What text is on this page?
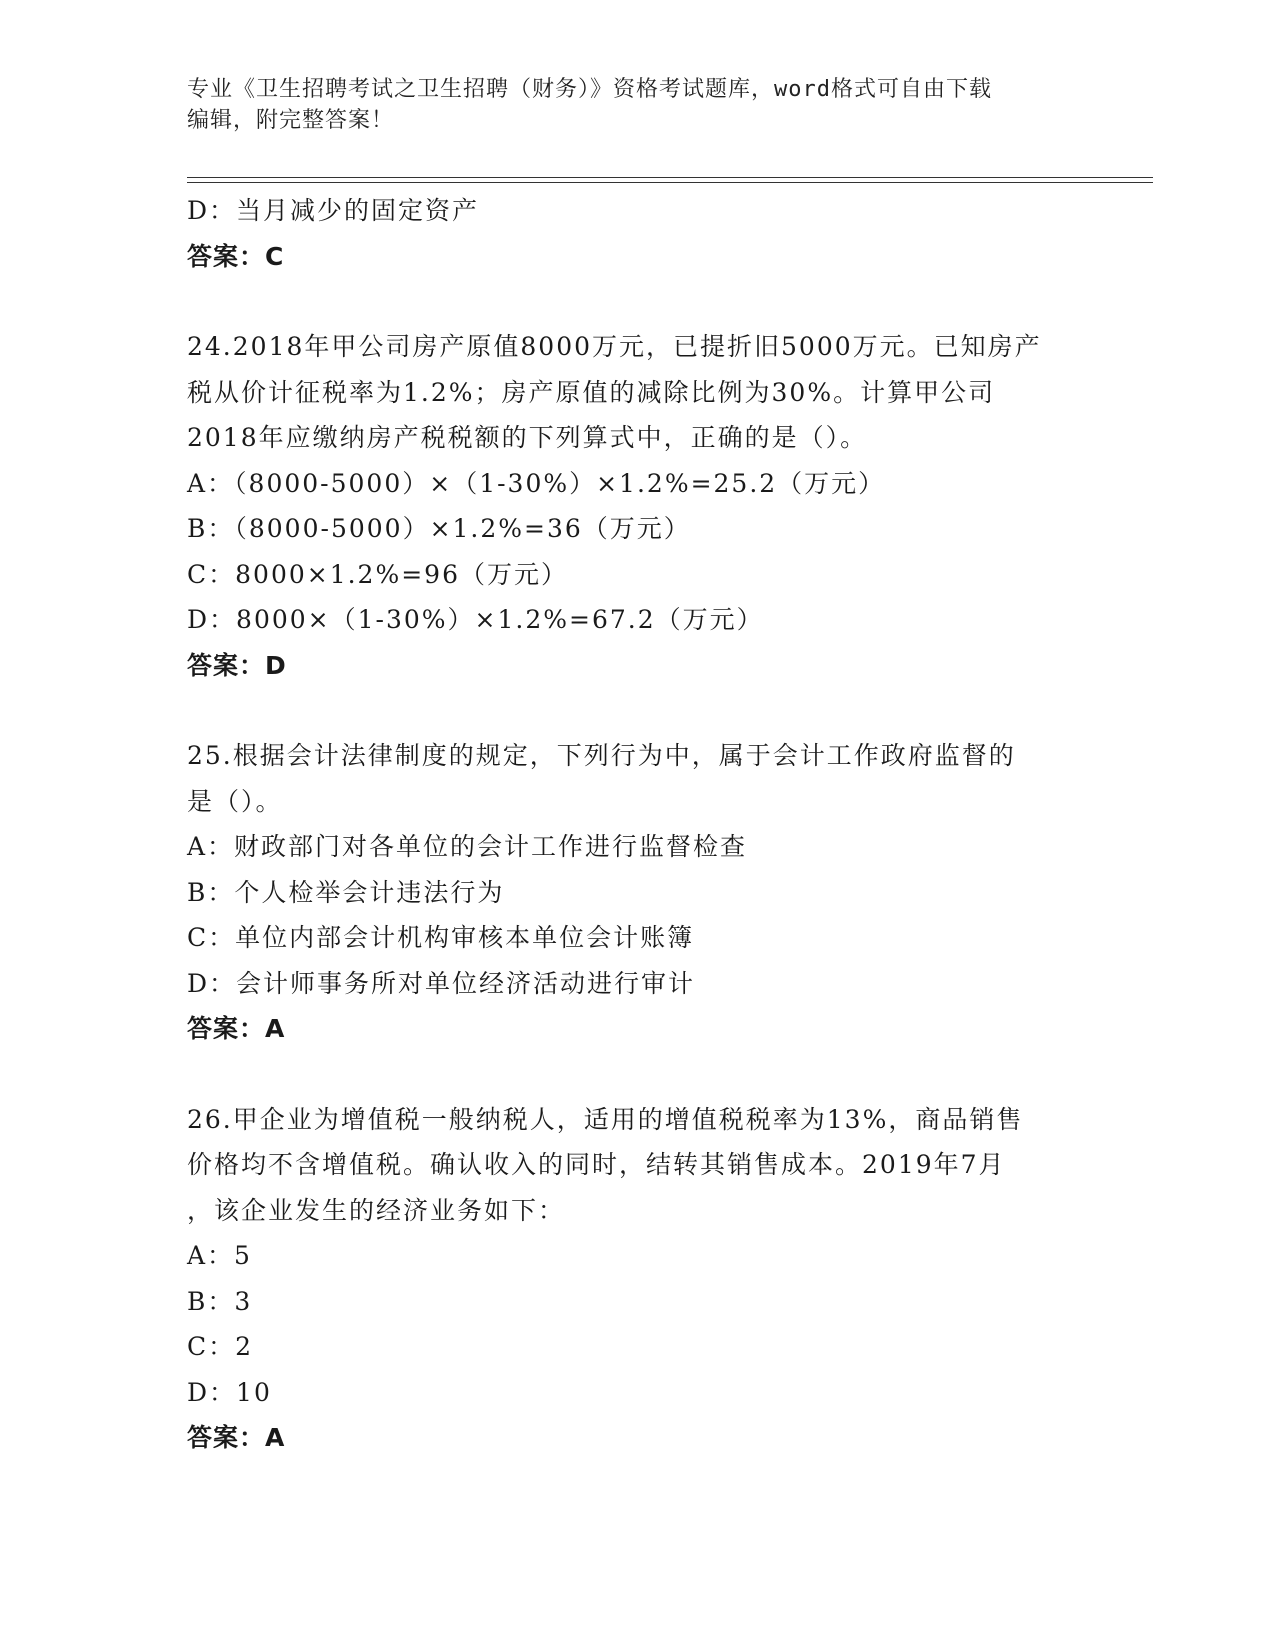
专业《卫生招聘考试之卫生招聘（财务）》资格考试题库，word格式可自由下载
编辑，附完整答案！
D：当月减少的固定资产
答案：C
24.2018年甲公司房产原值8000万元，已提折旧5000万元。已知房产
税从价计征税率为1.2%；房产原值的减除比例为30%。计算甲公司
2018年应缴纳房产税税额的下列算式中，正确的是（）。
A：（8000-5000）×（1-30%）×1.2%=25.2（万元）
B：（8000-5000）×1.2%=36（万元）
C：8000×1.2%=96（万元）
D：8000×（1-30%）×1.2%=67.2（万元）
答案：D
25.根据会计法律制度的规定，下列行为中，属于会计工作政府监督的
是（）。
A：财政部门对各单位的会计工作进行监督检查
B：个人检举会计违法行为
C：单位内部会计机构审核本单位会计账簿
D：会计师事务所对单位经济活动进行审计
答案：A
26.甲企业为增值税一般纳税人，适用的增值税税率为13%，商品销售
价格均不含增值税。确认收入的同时，结转其销售成本。2019年7月
，该企业发生的经济业务如下：
A：5
B：3
C：2
D：10
答案：A
